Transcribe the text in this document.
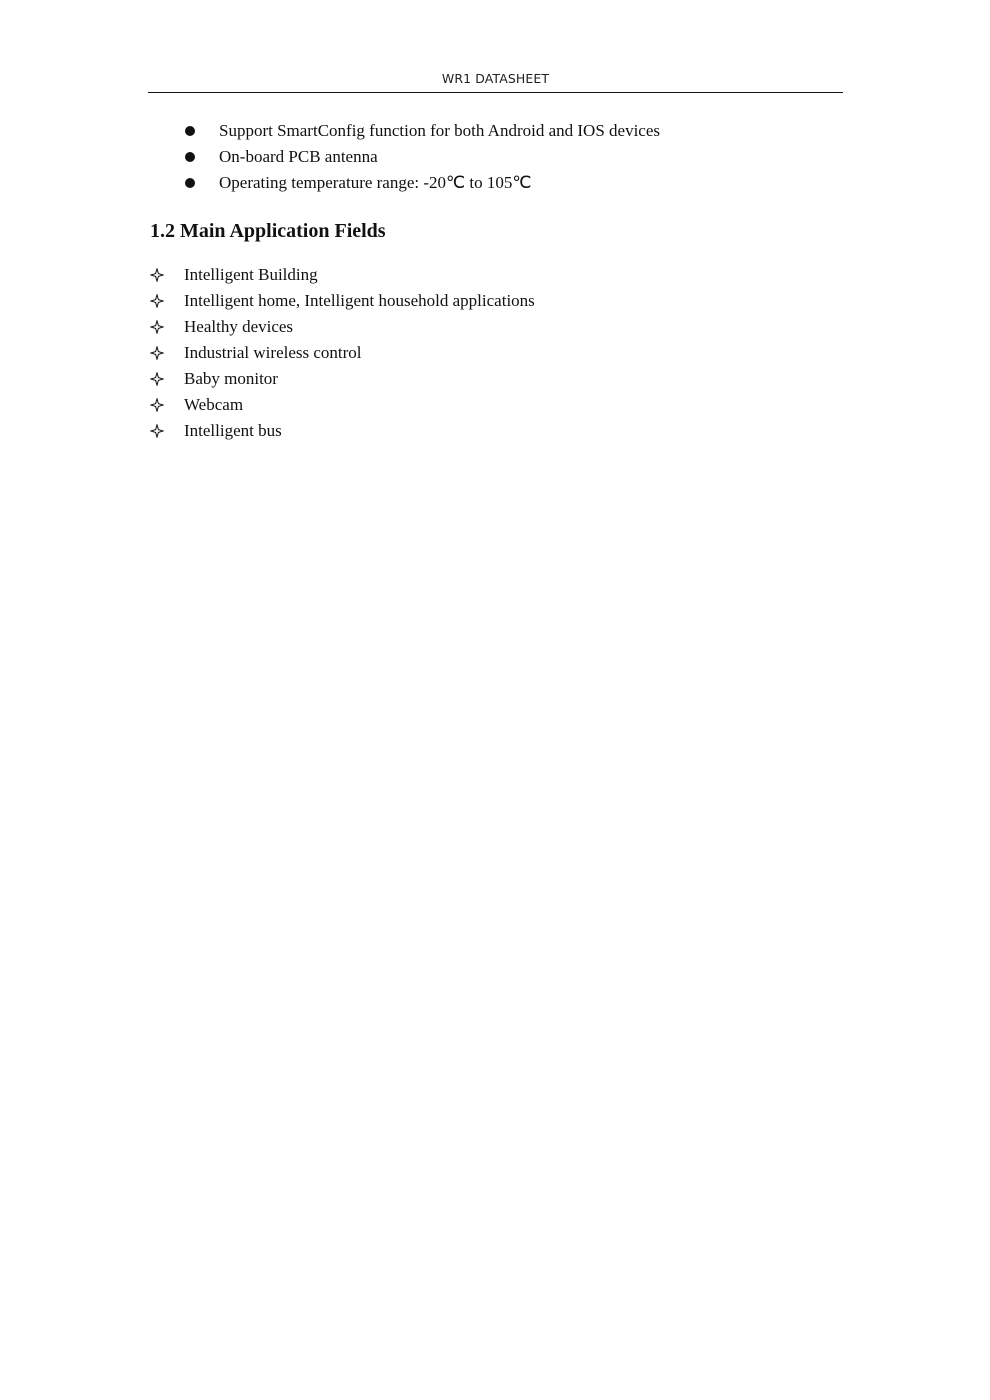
WR1 DATASHEET
Support SmartConfig function for both Android and IOS devices
On-board PCB antenna
Operating temperature range: -20℃ to 105℃
1.2 Main Application Fields
Intelligent Building
Intelligent home, Intelligent household applications
Healthy devices
Industrial wireless control
Baby monitor
Webcam
Intelligent bus
